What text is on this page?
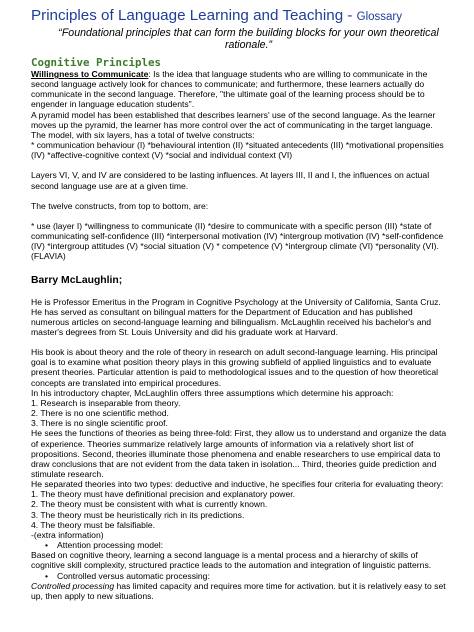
Principles of Language Learning and Teaching - Glossary
“Foundational principles that can form the building blocks for your own theoretical rationale.”
Cognitive Principles

Willingness to Communicate: Is the idea that language students who are willing to communicate in the second language actively look for chances to communicate; and furthermore, these learners actually do communicate in the second language. Therefore, "the ultimate goal of the learning process should be to engender in language education students".

A pyramid model has been established that describes learners' use of the second language. As the learner moves up the pyramid, the learner has more control over the act of communicating in the target language.

The model, with six layers, has a total of twelve constructs:

* communication behaviour (I) *behavioural intention (II) *situated antecedents (III) *motivational propensities (IV) *affective-cognitive context (V) *social and individual context (VI)

Layers VI, V, and IV are considered to be lasting influences. At layers III, II and I, the influences on actual second language use are at a given time.

The twelve constructs, from top to bottom, are:

* use (layer I) *willingness to communicate (II) *desire to communicate with a specific person (III) *state of communicating self-confidence (III) *interpersonal motivation (IV) *intergroup motivation (IV) *self-confidence (IV) *intergroup attitudes (V) *social situation (V) * competence (V) *intergroup climate (VI) *personality (VI). (FLAVIA)

Barry McLaughlin;

He is Professor Emeritus in the Program in Cognitive Psychology at the University of California, Santa Cruz. He has served as consultant on bilingual matters for the Department of Education and has published numerous articles on second-language learning and bilingualism. McLaughlin received his bachelor's and master's degrees from St. Louis University and did his graduate work at Harvard.

His book is about theory and the role of theory in research on adult second-language learning. His principal goal is to examine what position theory plays in this growing subfield of applied linguistics and to evaluate present theories. Particular attention is paid to methodological issues and to the question of how theoretical concepts are translated into empirical procedures.

In his introductory chapter, McLaughlin offers three assumptions which determine his approach:

1. Research is inseparable from theory.

2. There is no one scientific method.

3. There is no single scientific proof.

He sees the functions of theories as being three-fold: First, they allow us to understand and organize the data of experience. Theories summarize relatively large amounts of information via a relatively short list of propositions. Second, theories illuminate those phenomena and enable researchers to use empirical data to draw conclusions that are not evident from the data taken in isolation... Third, theories guide prediction and stimulate research.

He separated theories into two types: deductive and inductive, he specifies four criteria for evaluating theory:

1. The theory must have definitional precision and explanatory power.

2. The theory must be consistent with what is currently known.

3. The theory must be heuristically rich in its predictions.

4. The theory must be falsifiable.

-(extra information)

• Attention processing model:

Based on cognitive theory, learning a second language is a mental process and a hierarchy of skills of cognitive skill complexity, structured practice leads to the automation and integration of linguistic patterns.

• Controlled versus automatic processing:

Controlled processing has limited capacity and requires more time for activation. but it is relatively easy to set up, then apply to new situations.
